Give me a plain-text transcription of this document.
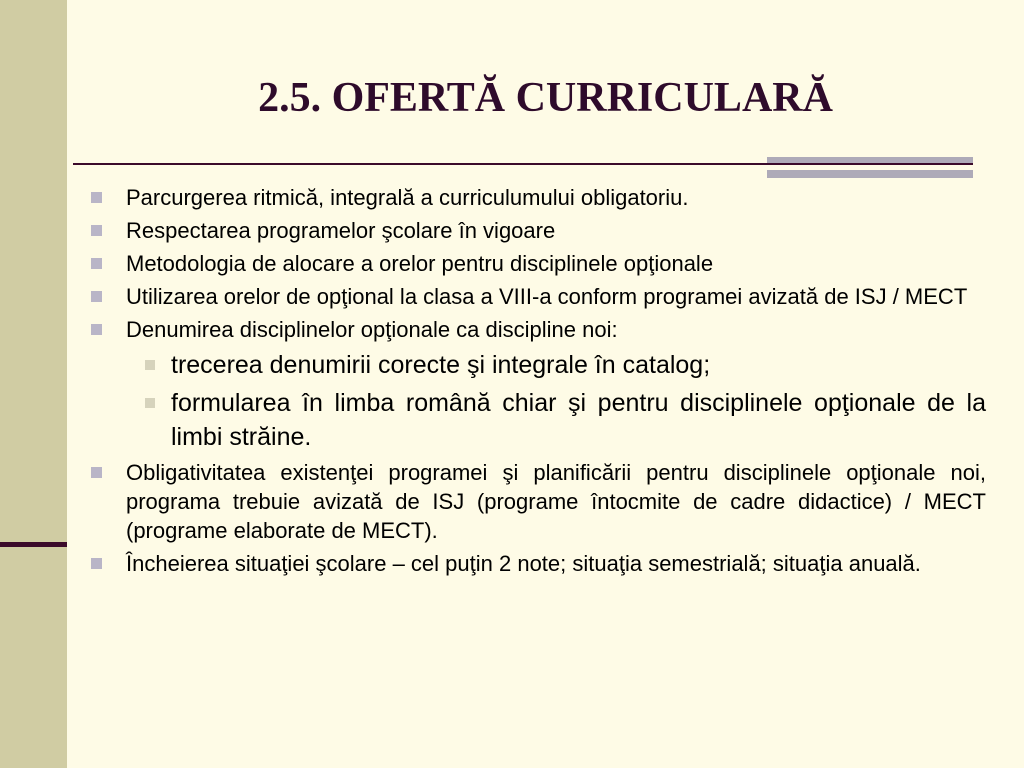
2.5. OFERTĂ CURRICULARĂ
Parcurgerea ritmică, integrală a curriculumului obligatoriu.
Respectarea programelor şcolare în vigoare
Metodologia de alocare a orelor pentru disciplinele opţionale
Utilizarea orelor de opţional la clasa a VIII-a conform programei avizată de ISJ / MECT
Denumirea disciplinelor opţionale ca discipline noi:
trecerea denumirii corecte şi integrale în catalog;
formularea în limba română chiar şi pentru disciplinele opţionale de la limbi străine.
Obligativitatea existenţei programei şi planificării pentru disciplinele opţionale noi, programa trebuie avizată de ISJ (programe întocmite de cadre didactice) / MECT (programe elaborate de MECT).
Încheierea situaţiei şcolare – cel puţin 2 note; situaţia semestrială; situaţia anuală.
